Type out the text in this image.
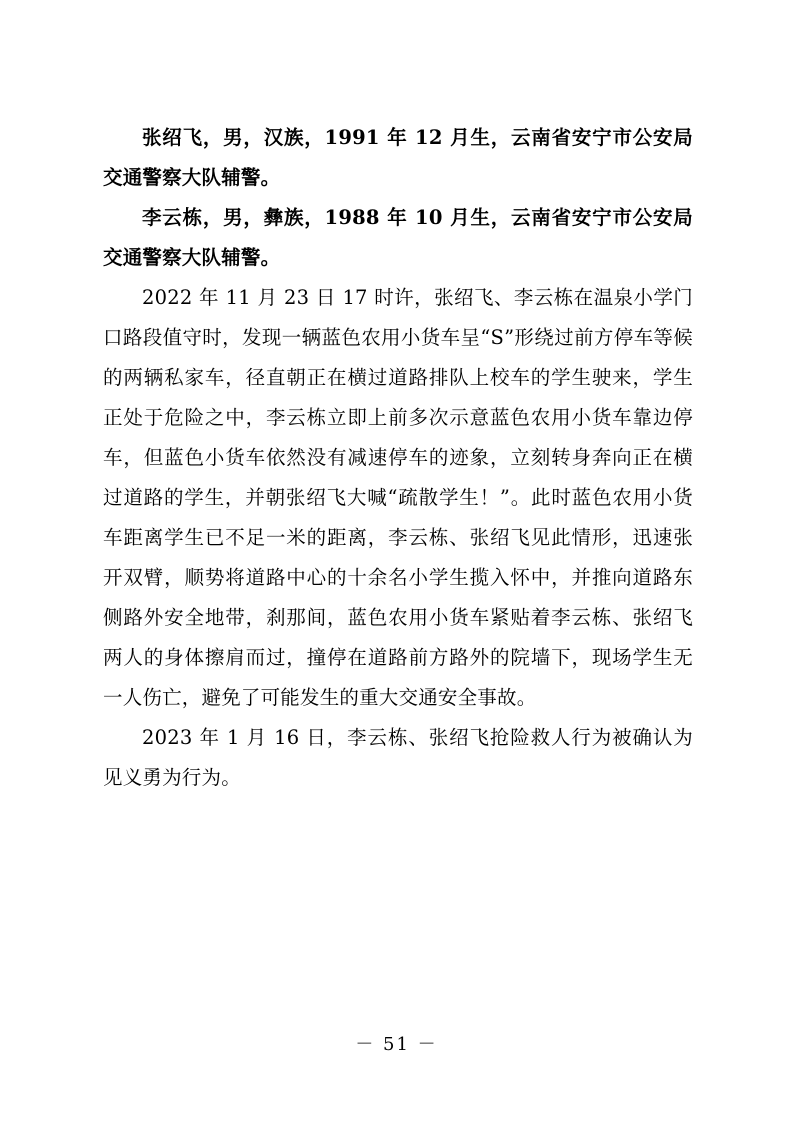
张绍飞，男，汉族，1991 年 12 月生，云南省安宁市公安局交通警察大队辅警。

李云栋，男，彝族，1988 年 10 月生，云南省安宁市公安局交通警察大队辅警。

2022 年 11 月 23 日 17 时许，张绍飞、李云栋在温泉小学门口路段值守时，发现一辆蓝色农用小货车呈“S”形绕过前方停车等候的两辆私家车，径直朝正在横过道路排队上校车的学生驶来，学生正处于危险之中，李云栋立即上前多次示意蓝色农用小货车靠边停车，但蓝色小货车依然没有减速停车的迹象，立刻转身奔向正在横过道路的学生，并朝张绍飞大喊“疏散学生！”。此时蓝色农用小货车距离学生已不足一米的距离，李云栋、张绍飞见此情形，迅速张开双臂，顺势将道路中心的十余名小学生揽入怀中，并推向道路东侧路外安全地带，刹那间，蓝色农用小货车紧贴着李云栋、张绍飞两人的身体擦肩而过，撞停在道路前方路外的院墙下，现场学生无一人伤亡，避免了可能发生的重大交通安全事故。

2023 年 1 月 16 日，李云栋、张绍飞抢险救人行为被确认为见义勇为行为。

－ 51 －
